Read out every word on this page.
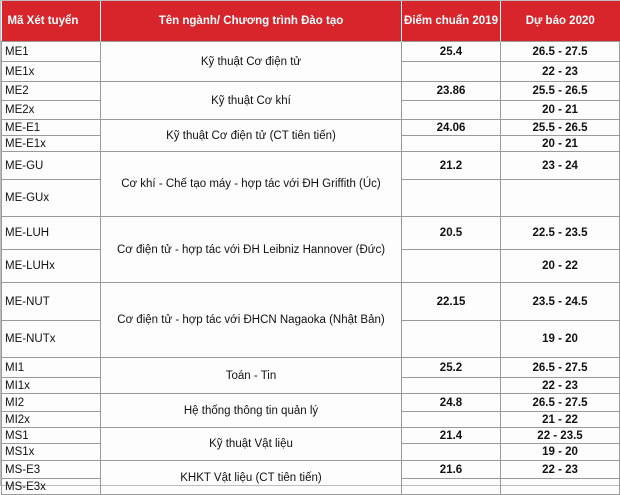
Mã Xét tuyển	Tên ngành/ Chương trình Đào tạo	Điểm chuẩn 2019	Dự báo 2020
ME1	Kỹ thuật Cơ điện tử	25.4	26.5 - 27.5
ME1x			22 - 23
ME2	Kỹ thuật Cơ khí	23.86	25.5 - 26.5
ME2x			20 - 21
ME-E1	Kỹ thuật Cơ điện tử (CT tiên tiến)	24.06	25.5 - 26.5
ME-E1x			20 - 21
ME-GU	Cơ khí - Chế tạo máy - hợp tác với ĐH Griffith (Úc)	21.2	23 - 24
ME-GUx			
ME-LUH	Cơ điện tử - hợp tác với ĐH Leibniz Hannover (Đức)	20.5	22.5 - 23.5
ME-LUHx			20 - 22
ME-NUT	Cơ điện tử - hợp tác với ĐHCN Nagaoka (Nhật Bản)	22.15	23.5 - 24.5
ME-NUTx			19 - 20
MI1	Toán - Tin	25.2	26.5 - 27.5
MI1x			22 - 23
MI2	Hệ thống thông tin quản lý	24.8	26.5 - 27.5
MI2x			21 - 22
MS1	Kỹ thuật Vật liệu	21.4	22 - 23.5
MS1x			19 - 20
MS-E3	KHKT Vật liệu (CT tiên tiến)	21.6	22 - 23
MS-E3x			
